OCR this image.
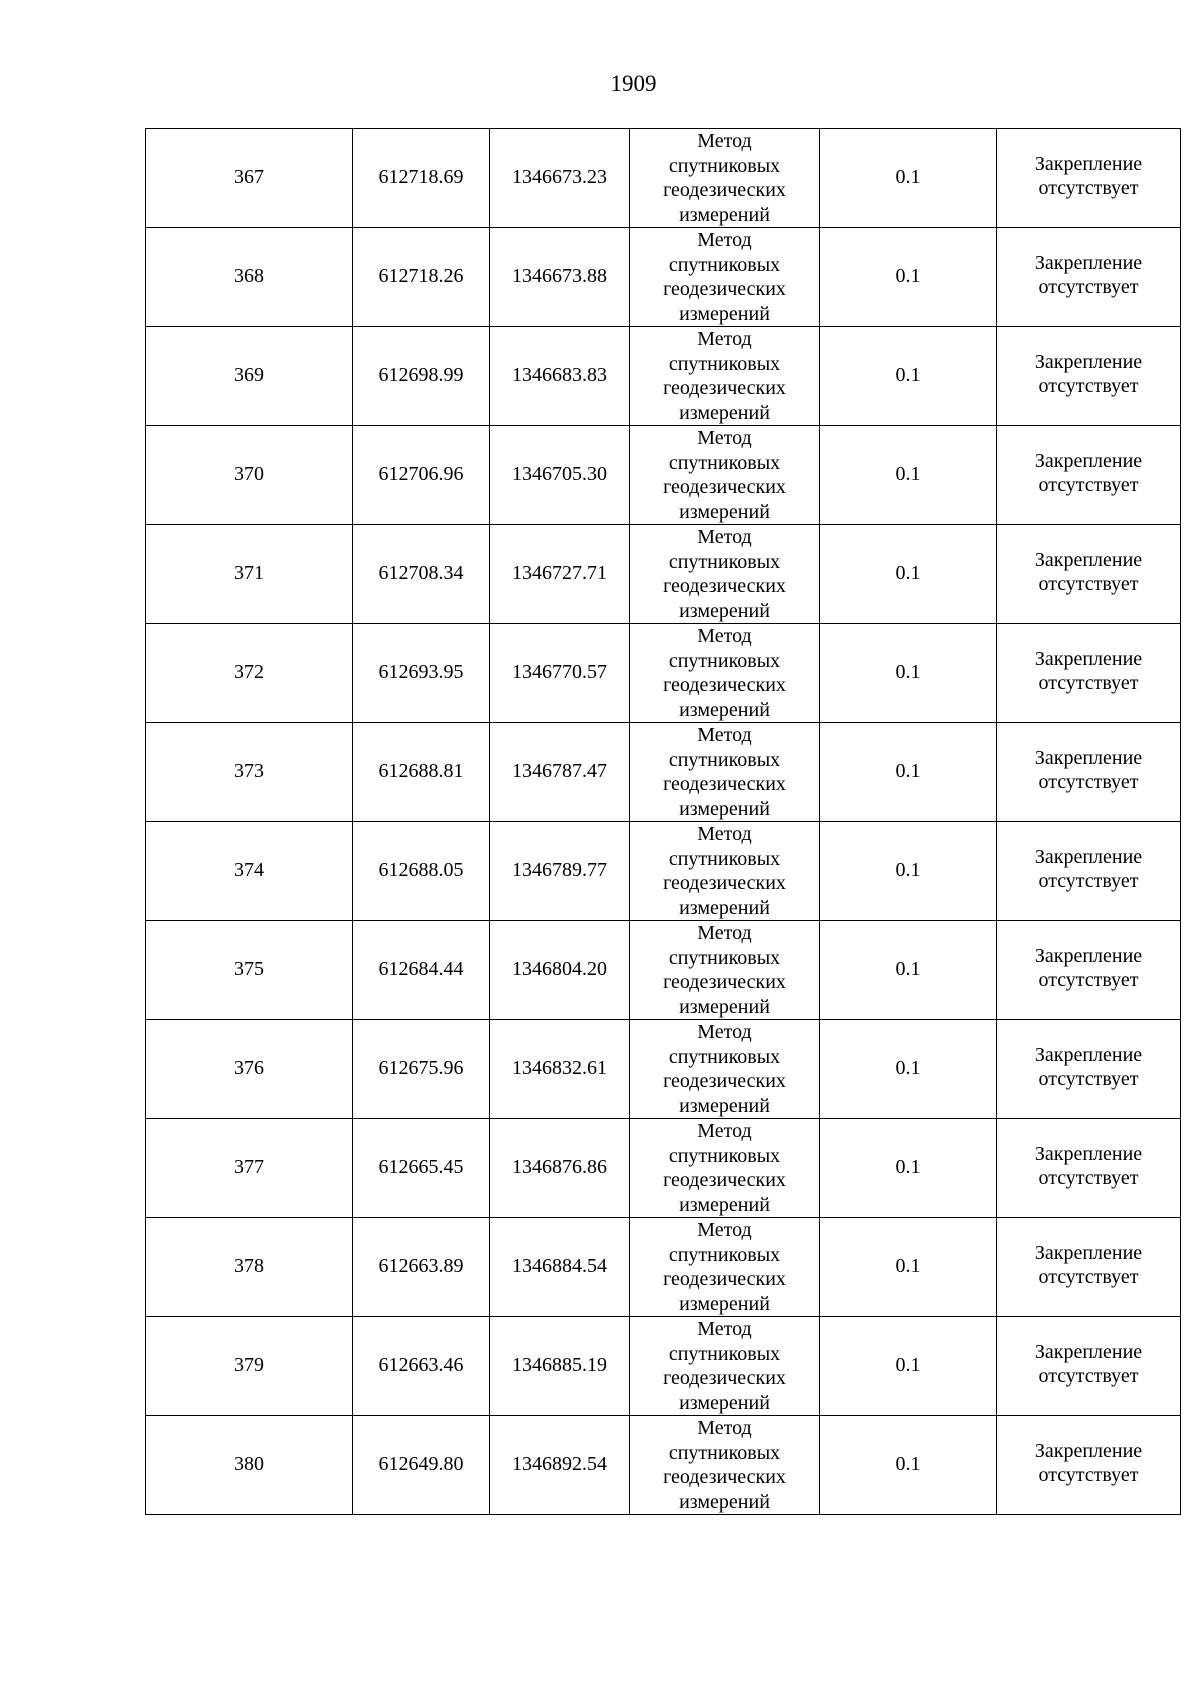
1909
367	612718.69	1346673.23	Метод
спутниковых
геодезических
измерений	0.1	Закрепление
отсутствует

368	612718.26	1346673.88	Метод
спутниковых
геодезических
измерений	0.1	Закрепление
отсутствует

369	612698.99	1346683.83	Метод
спутниковых
геодезических
измерений	0.1	Закрепление
отсутствует

370	612706.96	1346705.30	Метод
спутниковых
геодезических
измерений	0.1	Закрепление
отсутствует

371	612708.34	1346727.71	Метод
спутниковых
геодезических
измерений	0.1	Закрепление
отсутствует

372	612693.95	1346770.57	Метод
спутниковых
геодезических
измерений	0.1	Закрепление
отсутствует

373	612688.81	1346787.47	Метод
спутниковых
геодезических
измерений	0.1	Закрепление
отсутствует

374	612688.05	1346789.77	Метод
спутниковых
геодезических
измерений	0.1	Закрепление
отсутствует

375	612684.44	1346804.20	Метод
спутниковых
геодезических
измерений	0.1	Закрепление
отсутствует

376	612675.96	1346832.61	Метод
спутниковых
геодезических
измерений	0.1	Закрепление
отсутствует

377	612665.45	1346876.86	Метод
спутниковых
геодезических
измерений	0.1	Закрепление
отсутствует

378	612663.89	1346884.54	Метод
спутниковых
геодезических
измерений	0.1	Закрепление
отсутствует

379	612663.46	1346885.19	Метод
спутниковых
геодезических
измерений	0.1	Закрепление
отсутствует

380	612649.80	1346892.54	Метод
спутниковых
геодезических
измерений	0.1	Закрепление
отсутствует
